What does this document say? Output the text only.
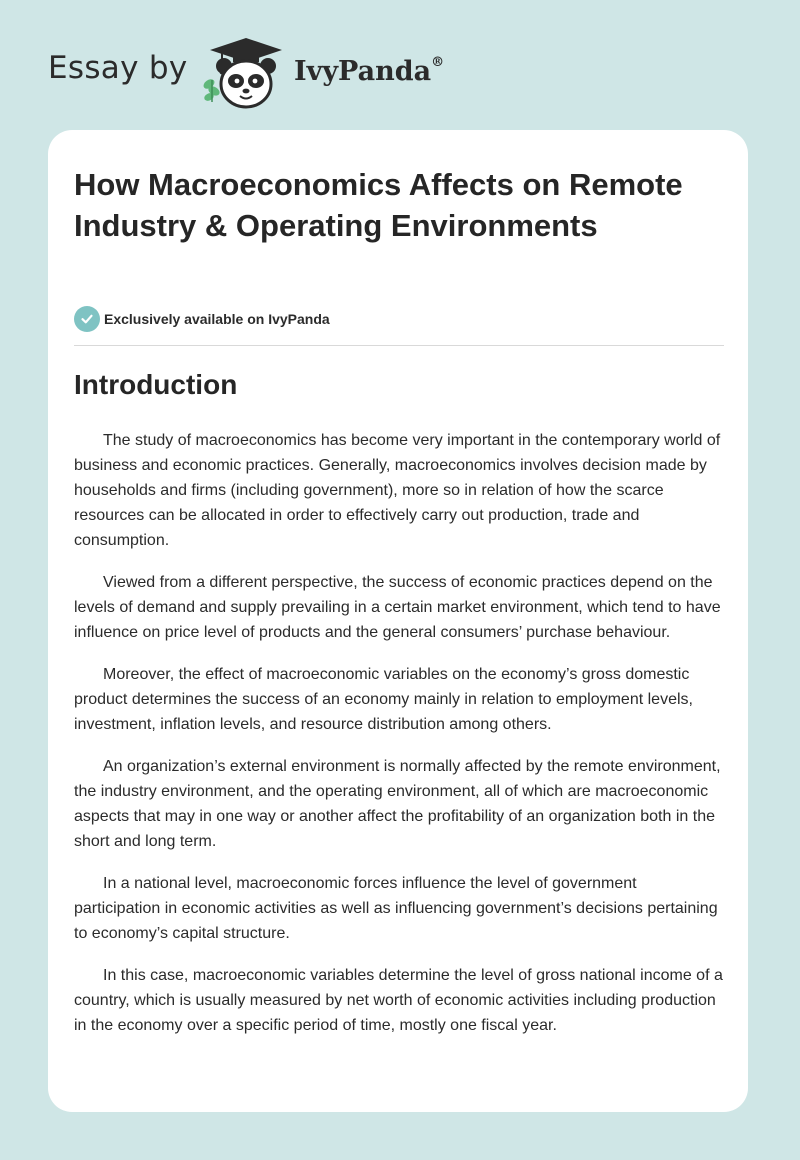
Essay by	IvyPanda®
How Macroeconomics Affects on Remote Industry & Operating Environments
Exclusively available on IvyPanda
Introduction

The study of macroeconomics has become very important in the contemporary world of business and economic practices. Generally, macroeconomics involves decision made by households and firms (including government), more so in relation of how the scarce resources can be allocated in order to effectively carry out production, trade and consumption.

Viewed from a different perspective, the success of economic practices depend on the levels of demand and supply prevailing in a certain market environment, which tend to have influence on price level of products and the general consumers’ purchase behaviour.

Moreover, the effect of macroeconomic variables on the economy’s gross domestic product determines the success of an economy mainly in relation to employment levels, investment, inflation levels, and resource distribution among others.

An organization’s external environment is normally affected by the remote environment, the industry environment, and the operating environment, all of which are macroeconomic aspects that may in one way or another affect the profitability of an organization both in the short and long term.

In a national level, macroeconomic forces influence the level of government participation in economic activities as well as influencing government’s decisions pertaining to economy’s capital structure.

In this case, macroeconomic variables determine the level of gross national income of a country, which is usually measured by net worth of economic activities including production in the economy over a specific period of time, mostly one fiscal year.
